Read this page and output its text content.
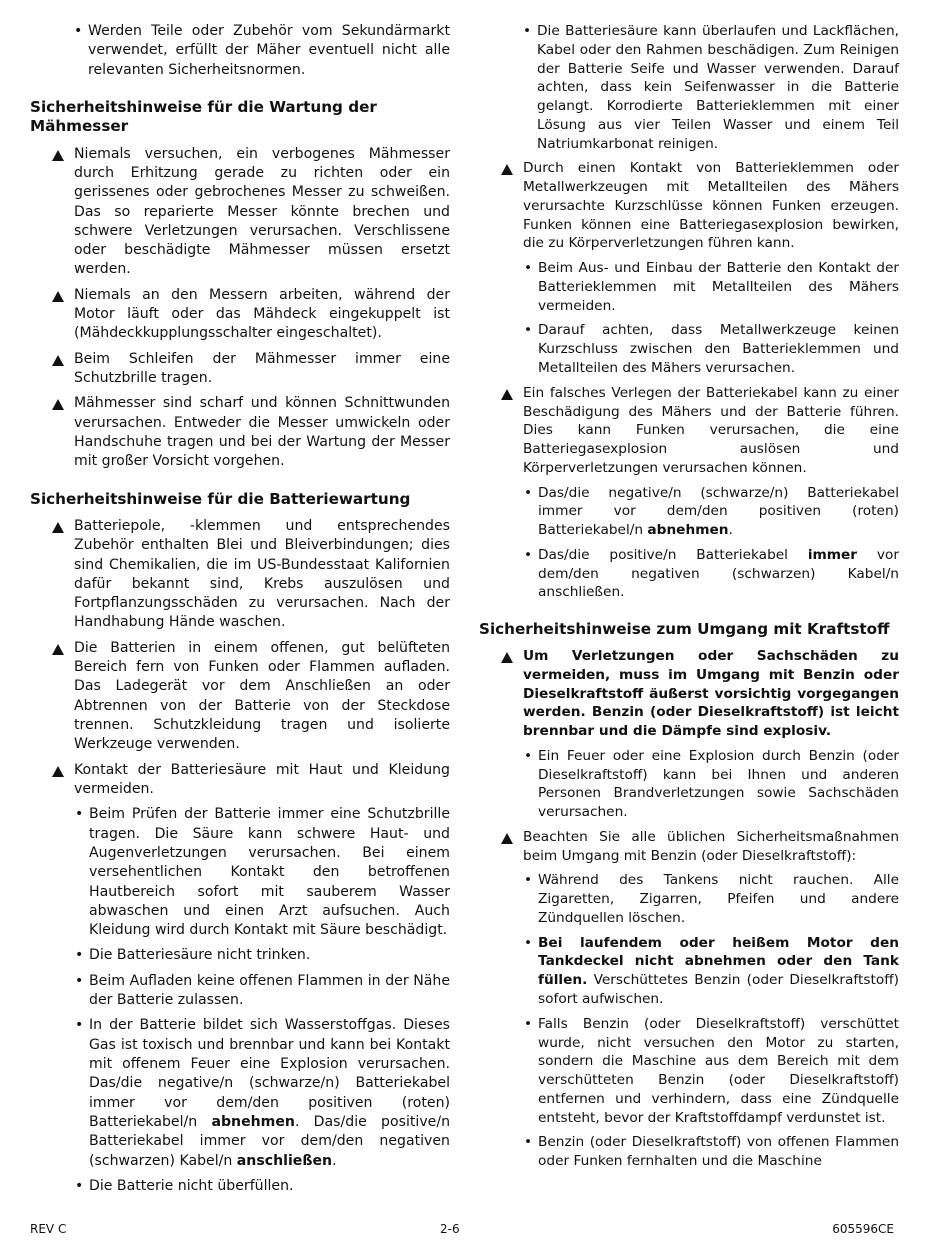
• Werden Teile oder Zubehör vom Sekundärmarkt verwendet, erfüllt der Mäher eventuell nicht alle relevanten Sicherheitsnormen.
Sicherheitshinweise für die Wartung der Mähmesser
Niemals versuchen, ein verbogenes Mähmesser durch Erhitzung gerade zu richten oder ein gerissenes oder gebrochenes Messer zu schweißen. Das so reparierte Messer könnte brechen und schwere Verletzungen verursachen. Verschlissene oder beschädigte Mähmesser müssen ersetzt werden.
Niemals an den Messern arbeiten, während der Motor läuft oder das Mähdeck eingekuppelt ist (Mähdeckkupplungsschalter eingeschaltet).
Beim Schleifen der Mähmesser immer eine Schutzbrille tragen.
Mähmesser sind scharf und können Schnittwunden verursachen. Entweder die Messer umwickeln oder Handschuhe tragen und bei der Wartung der Messer mit großer Vorsicht vorgehen.
Sicherheitshinweise für die Batteriewartung
Batteriepole, -klemmen und entsprechendes Zubehör enthalten Blei und Bleiverbindungen; dies sind Chemikalien, die im US-Bundesstaat Kalifornien dafür bekannt sind, Krebs auszulösen und Fortpflanzungsschäden zu verursachen. Nach der Handhabung Hände waschen.
Die Batterien in einem offenen, gut belüfteten Bereich fern von Funken oder Flammen aufladen. Das Ladegerät vor dem Anschließen an oder Abtrennen von der Batterie von der Steckdose trennen. Schutzkleidung tragen und isolierte Werkzeuge verwenden.
Kontakt der Batteriesäure mit Haut und Kleidung vermeiden.
• Beim Prüfen der Batterie immer eine Schutzbrille tragen. Die Säure kann schwere Haut- und Augenverletzungen verursachen. Bei einem versehentlichen Kontakt den betroffenen Hautbereich sofort mit sauberem Wasser abwaschen und einen Arzt aufsuchen. Auch Kleidung wird durch Kontakt mit Säure beschädigt.
• Die Batteriesäure nicht trinken.
• Beim Aufladen keine offenen Flammen in der Nähe der Batterie zulassen.
• In der Batterie bildet sich Wasserstoffgas. Dieses Gas ist toxisch und brennbar und kann bei Kontakt mit offenem Feuer eine Explosion verursachen. Das/die negative/n (schwarze/n) Batteriekabel immer vor dem/den positiven (roten) Batteriekabel/n abnehmen. Das/die positive/n Batteriekabel immer vor dem/den negativen (schwarzen) Kabel/n anschließen.
• Die Batterie nicht überfüllen.
• Die Batteriesäure kann überlaufen und Lackflächen, Kabel oder den Rahmen beschädigen. Zum Reinigen der Batterie Seife und Wasser verwenden. Darauf achten, dass kein Seifenwasser in die Batterie gelangt. Korrodierte Batterieklemmen mit einer Lösung aus vier Teilen Wasser und einem Teil Natriumkarbonat reinigen.
Durch einen Kontakt von Batterieklemmen oder Metallwerkzeugen mit Metallteilen des Mähers verursachte Kurzschlüsse können Funken erzeugen. Funken können eine Batteriegasexplosion bewirken, die zu Körperverletzungen führen kann.
• Beim Aus- und Einbau der Batterie den Kontakt der Batterieklemmen mit Metallteilen des Mähers vermeiden.
• Darauf achten, dass Metallwerkzeuge keinen Kurzschluss zwischen den Batterieklemmen und Metallteilen des Mähers verursachen.
Ein falsches Verlegen der Batteriekabel kann zu einer Beschädigung des Mähers und der Batterie führen. Dies kann Funken verursachen, die eine Batteriegasexplosion auslösen und Körperverletzungen verursachen können.
• Das/die negative/n (schwarze/n) Batteriekabel immer vor dem/den positiven (roten) Batteriekabel/n abnehmen.
• Das/die positive/n Batteriekabel immer vor dem/den negativen (schwarzen) Kabel/n anschließen.
Sicherheitshinweise zum Umgang mit Kraftstoff
Um Verletzungen oder Sachschäden zu vermeiden, muss im Umgang mit Benzin oder Dieselkraftstoff äußerst vorsichtig vorgegangen werden. Benzin (oder Dieselkraftstoff) ist leicht brennbar und die Dämpfe sind explosiv.
• Ein Feuer oder eine Explosion durch Benzin (oder Dieselkraftstoff) kann bei Ihnen und anderen Personen Brandverletzungen sowie Sachschäden verursachen.
Beachten Sie alle üblichen Sicherheitsmaßnahmen beim Umgang mit Benzin (oder Dieselkraftstoff):
• Während des Tankens nicht rauchen. Alle Zigaretten, Zigarren, Pfeifen und andere Zündquellen löschen.
• Bei laufendem oder heißem Motor den Tankdeckel nicht abnehmen oder den Tank füllen. Verschüttetes Benzin (oder Dieselkraftstoff) sofort aufwischen.
• Falls Benzin (oder Dieselkraftstoff) verschüttet wurde, nicht versuchen den Motor zu starten, sondern die Maschine aus dem Bereich mit dem verschütteten Benzin (oder Dieselkraftstoff) entfernen und verhindern, dass eine Zündquelle entsteht, bevor der Kraftstoffdampf verdunstet ist.
• Benzin (oder Dieselkraftstoff) von offenen Flammen oder Funken fernhalten und die Maschine
REV C	2-6	605596CE
